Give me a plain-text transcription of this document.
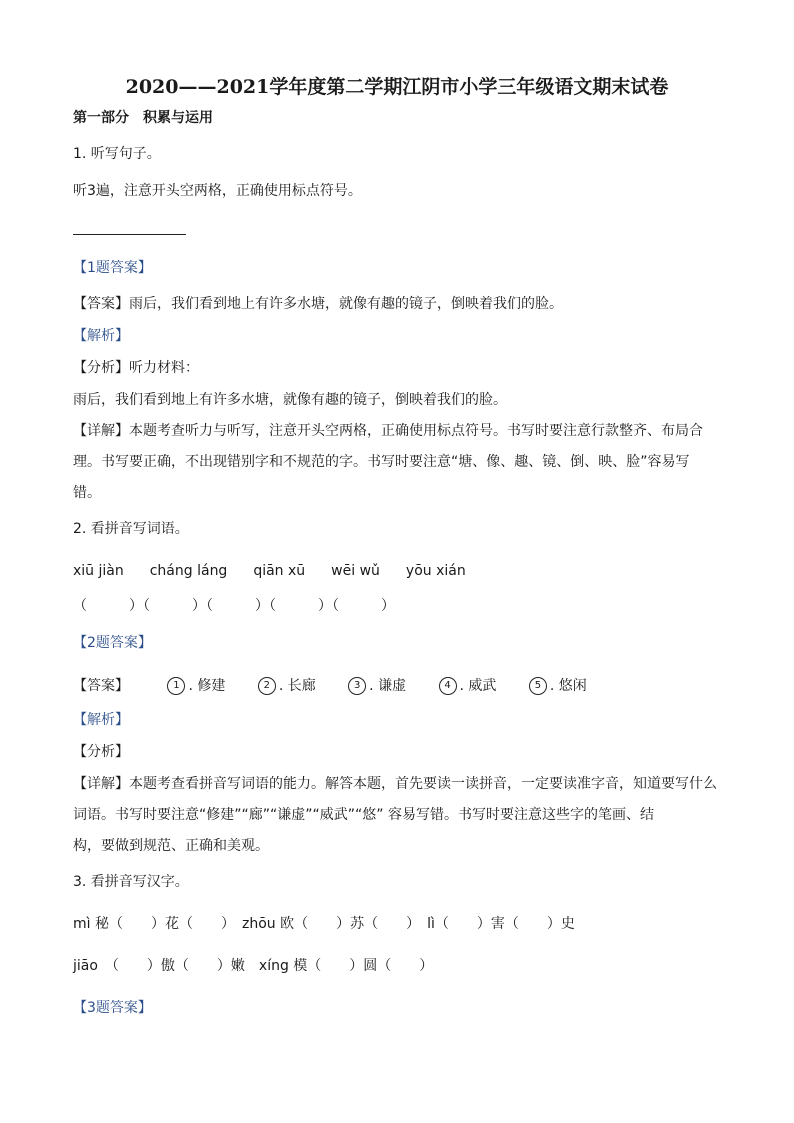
2020——2021学年度第二学期江阴市小学三年级语文期末试卷
第一部分　积累与运用
1. 听写句子。
听3遍，注意开头空两格，正确使用标点符号。
【1题答案】
【答案】雨后，我们看到地上有许多水塘，就像有趣的镜子，倒映着我们的脸。
【解析】
【分析】听力材料：
雨后，我们看到地上有许多水塘，就像有趣的镜子，倒映着我们的脸。
【详解】本题考查听力与听写，注意开头空两格，正确使用标点符号。书写时要注意行款整齐、布局合
理。书写要正确，不出现错别字和不规范的字。书写时要注意“塘、像、趣、镜、倒、映、脸”容易写
错。
2. 看拼音写词语。
xiū jiàn cháng láng qiān xū wēi wǔ yōu xián
（　　　）（　　　）（　　　）（　　　）（　　　）
【2题答案】
【答案】	1 . 修建	2 . 长廊	3 . 谦虚	4 . 威武	5 . 悠闲
【解析】
【分析】
【详解】本题考查看拼音写词语的能力。解答本题，首先要读一读拼音，一定要读准字音，知道要写什么
词语。书写时要注意“修建”“廊”“谦虚”“威武”“悠” 容易写错。书写时要注意这些字的笔画、结
构，要做到规范、正确和美观。
3. 看拼音写汉字。
mì 秘（　　）花（　　）　zhōu 欧（　　）苏（　　）　lì（　　）害（　　）史
jiāo　（　　）傲（　　）嫩　xíng 模（　　）圆（　　）
【3题答案】
